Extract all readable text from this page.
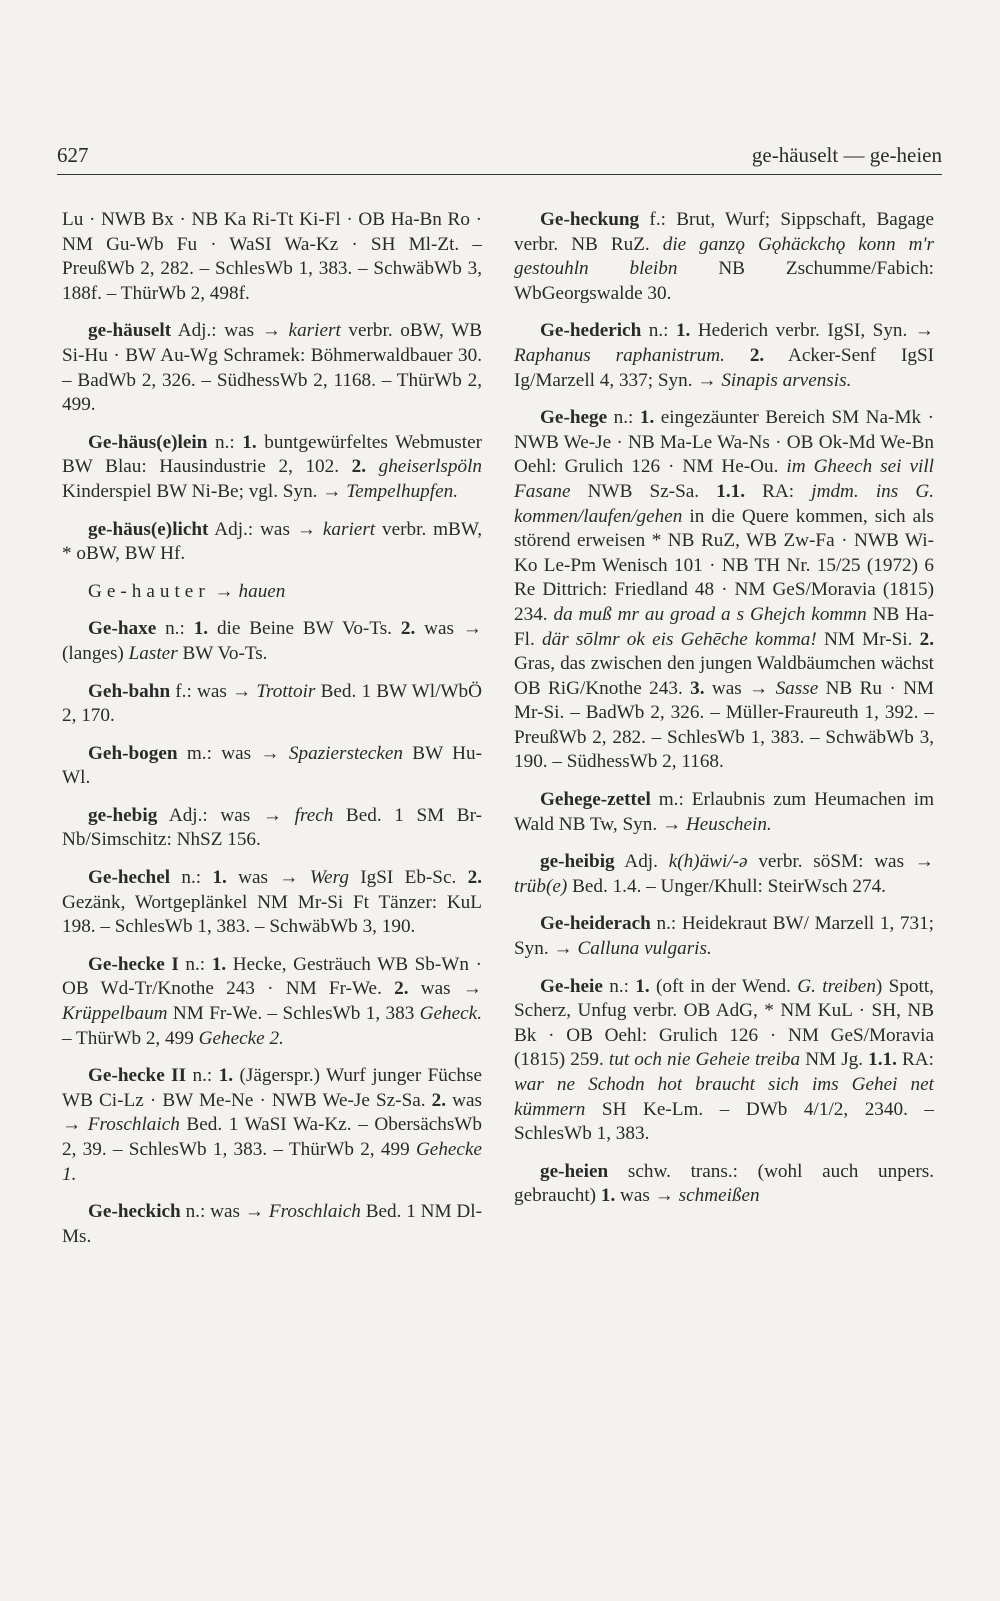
627	ge-häuselt — ge-heien

Lu · NWB Bx · NB Ka Ri-Tt Ki-Fl · OB Ha-Bn Ro · NM Gu-Wb Fu · WaSI Wa-Kz · SH Ml-Zt. – PreußWb 2, 282. – SchlesWb 1, 383. – SchwäbWb 3, 188f. – ThürWb 2, 498f.

ge-häuselt Adj.: was → kariert verbr. oBW, WB Si-Hu · BW Au-Wg Schramek: Böhmerwaldbauer 30. – BadWb 2, 326. – SüdhessWb 2, 1168. – ThürWb 2, 499.

Ge-häus(e)lein n.: 1. buntgewürfeltes Webmuster BW Blau: Hausindustrie 2, 102. 2. gheiserlspöln Kinderspiel BW Ni-Be; vgl. Syn. → Tempelhupfen.

ge-häus(e)licht Adj.: was → kariert verbr. mBW, * oBW, BW Hf.

Ge-hauter → hauen

Ge-haxe n.: 1. die Beine BW Vo-Ts. 2. was → (langes) Laster BW Vo-Ts.

Geh-bahn f.: was → Trottoir Bed. 1 BW Wl/WbÖ 2, 170.

Geh-bogen m.: was → Spazierstecken BW Hu-Wl.

ge-hebig Adj.: was → frech Bed. 1 SM Br-Nb/Simschitz: NhSZ 156.

Ge-hechel n.: 1. was → Werg IgSI Eb-Sc. 2. Gezänk, Wortgeplänkel NM Mr-Si Ft Tänzer: KuL 198. – SchlesWb 1, 383. – SchwäbWb 3, 190.

Ge-hecke I n.: 1. Hecke, Gesträuch WB Sb-Wn · OB Wd-Tr/Knothe 243 · NM Fr-We. 2. was → Krüppelbaum NM Fr-We. – SchlesWb 1, 383 Geheck. – ThürWb 2, 499 Gehecke 2.

Ge-hecke II n.: 1. (Jägerspr.) Wurf junger Füchse WB Ci-Lz · BW Me-Ne · NWB We-Je Sz-Sa. 2. was → Froschlaich Bed. 1 WaSI Wa-Kz. – ObersächsWb 2, 39. – SchlesWb 1, 383. – ThürWb 2, 499 Gehecke 1.

Ge-heckich n.: was → Froschlaich Bed. 1 NM Dl-Ms.

Ge-heckung f.: Brut, Wurf; Sippschaft, Bagage verbr. NB RuZ. die ganzǫ Gǫhäckchǫ konn m'r gestouhln bleibn NB Zschumme/Fabich: WbGeorgswalde 30.

Ge-hederich n.: 1. Hederich verbr. IgSI, Syn. → Raphanus raphanistrum. 2. Acker-Senf IgSI Ig/Marzell 4, 337; Syn. → Sinapis arvensis.

Ge-hege n.: 1. eingezäunter Bereich SM Na-Mk · NWB We-Je · NB Ma-Le Wa-Ns · OB Ok-Md We-Bn Oehl: Grulich 126 · NM He-Ou. im Gheech sei vill Fasane NWB Sz-Sa. 1.1. RA: jmdm. ins G. kommen/laufen/gehen in die Quere kommen, sich als störend erweisen * NB RuZ, WB Zw-Fa · NWB Wi-Ko Le-Pm Wenisch 101 · NB TH Nr. 15/25 (1972) 6 Re Dittrich: Friedland 48 · NM GeS/Moravia (1815) 234. da muß mr au groad a s Ghejch kommn NB Ha-Fl. där sōlmr ok eis Gehēche komma! NM Mr-Si. 2. Gras, das zwischen den jungen Waldbäumchen wächst OB RiG/Knothe 243. 3. was → Sasse NB Ru · NM Mr-Si. – BadWb 2, 326. – Müller-Fraureuth 1, 392. – PreußWb 2, 282. – SchlesWb 1, 383. – SchwäbWb 3, 190. – SüdhessWb 2, 1168.

Gehege-zettel m.: Erlaubnis zum Heumachen im Wald NB Tw, Syn. → Heuschein.

ge-heibig Adj. k(h)äwi/-ə verbr. söSM: was → trüb(e) Bed. 1.4. – Unger/Khull: SteirWsch 274.

Ge-heiderach n.: Heidekraut BW/ Marzell 1, 731; Syn. → Calluna vulgaris.

Ge-heie n.: 1. (oft in der Wend. G. treiben) Spott, Scherz, Unfug verbr. OB AdG, * NM KuL · SH, NB Bk · OB Oehl: Grulich 126 · NM GeS/Moravia (1815) 259. tut och nie Geheie treiba NM Jg. 1.1. RA: war ne Schodn hot braucht sich ims Gehei net kümmern SH Ke-Lm. – DWb 4/1/2, 2340. – SchlesWb 1, 383.

ge-heien schw. trans.: (wohl auch unpers. gebraucht) 1. was → schmeißen
